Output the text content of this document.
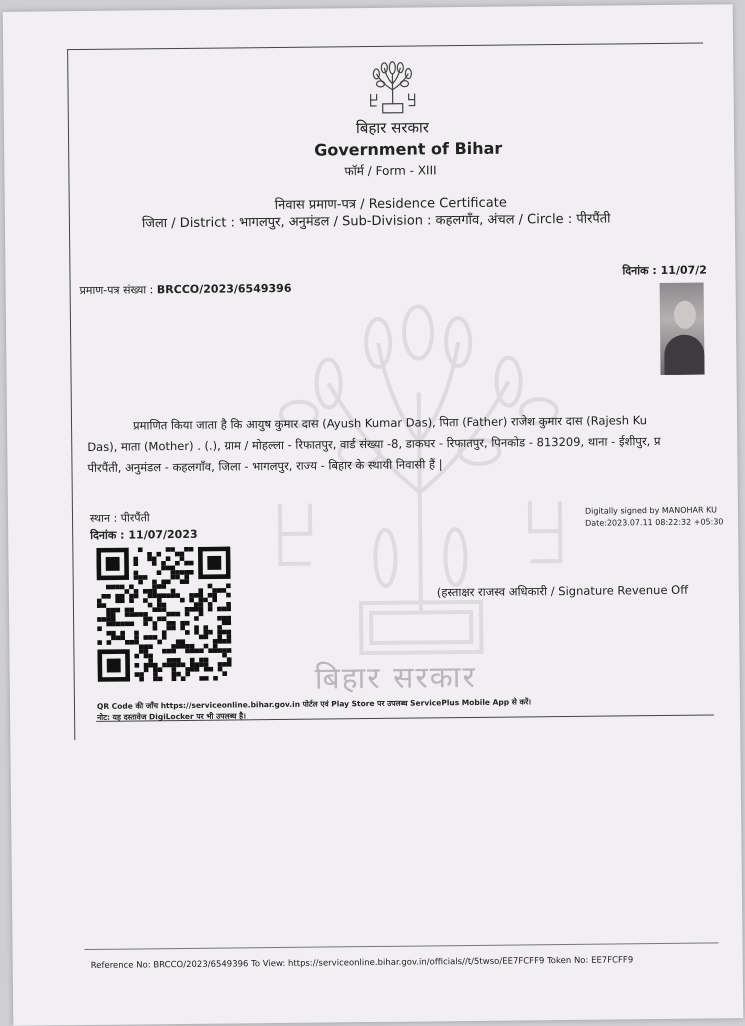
बिहार सरकार
बिहार सरकार
Government of Bihar
फॉर्म / Form - XIII
निवास प्रमाण-पत्र / Residence Certificate
जिला / District : भागलपुर, अनुमंडल / Sub-Division : कहलगाँव, अंचल / Circle : पीरपैंती
प्रमाण-पत्र संख्या : BRCCO/2023/6549396
दिनांक : 11/07/2
प्रमाणित किया जाता है कि आयुष कुमार दास (Ayush Kumar Das), पिता (Father) राजेश कुमार दास (Rajesh Ku
Das), माता (Mother) . (.), ग्राम / मोहल्ला - रिफातपुर, वार्ड संख्या -8, डाकघर - रिफातपुर, पिनकोड - 813209, थाना - ईशीपुर, प्र
पीरपैंती, अनुमंडल - कहलगाँव, जिला - भागलपुर, राज्य - बिहार के स्थायी निवासी हैं |
स्थान : पीरपैंती
दिनांक : 11/07/2023
Digitally signed by MANOHAR KU
Date:2023.07.11 08:22:32 +05:30
(हस्ताक्षर राजस्व अधिकारी / Signature Revenue Off
QR Code की जाँच https://serviceonline.bihar.gov.in पोर्टल एवं Play Store पर उपलब्ध ServicePlus Mobile App से करें।
नोट: यह दस्तावेज DigiLocker पर भी उपलब्ध है।
Reference No: BRCCO/2023/6549396 To View: https://serviceonline.bihar.gov.in/officials//t/5twso/EE7FCFF9 Token No: EE7FCFF9
